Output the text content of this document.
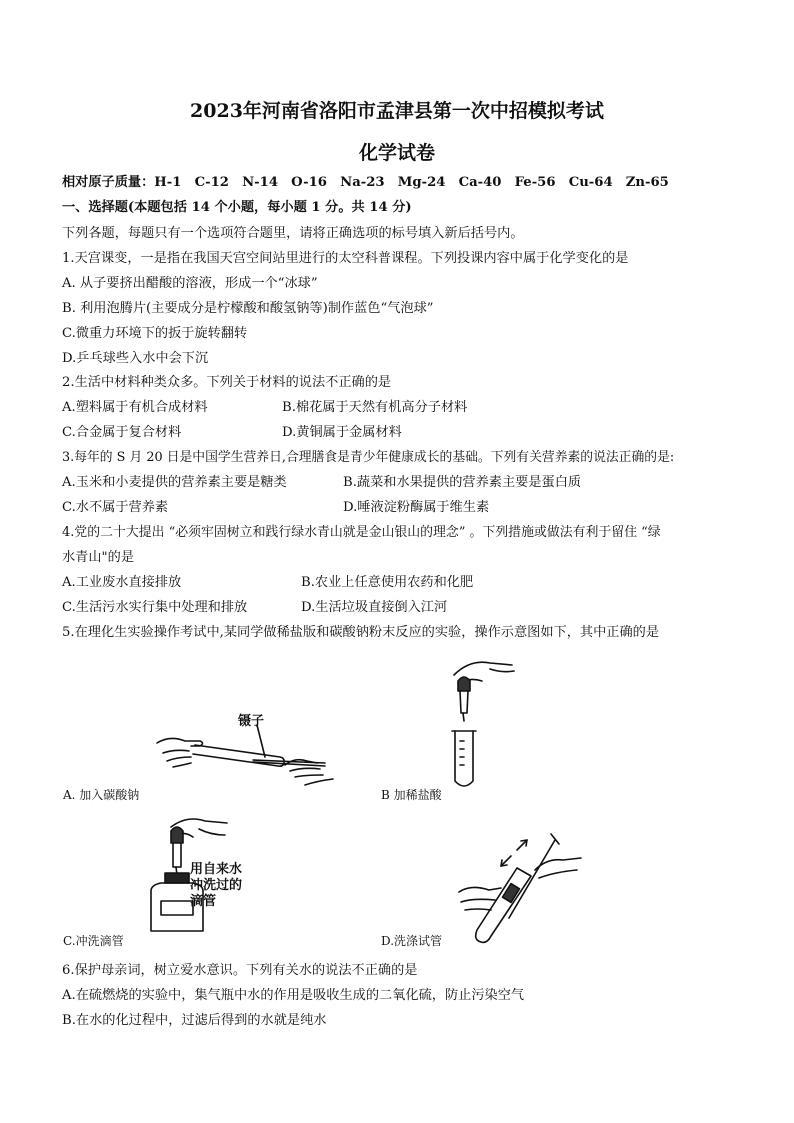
2023年河南省洛阳市孟津县第一次中招模拟考试
化学试卷
相对原子质量：H-1　C-12　N-14　O-16　Na-23　Mg-24　Ca-40　Fe-56　Cu-64　Zn-65
一、选择题(本题包括 14 个小题，每小题 1 分。共 14 分)
下列各题，每题只有一个选项符合题里，请将正确选项的标号填入新后括号内。
1.天宫课变，一是指在我国天宫空间站里进行的太空科普课程。下列投课内容中属于化学变化的是
A. 从子要挤出醋酸的溶液，形成一个“冰球”
B. 利用泡腾片(主要成分是柠檬酸和酸氢钠等)制作蓝色“气泡球”
C.微重力环境下的扳于旋转翻转
D.乒乓球些入水中会下沉
2.生活中材料种类众多。下列关于材料的说法不正确的是
A.塑料属于有机合成材料	B.棉花属于天然有机高分子材料
C.合金属于复合材料	D.黄铜属于金属材料
3.每年的 S 月 20 日是中国学生营养日,合理膳食是青少年健康成长的基础。下列有关营养素的说法正确的是:
A.玉米和小麦提供的营养素主要是糖类	B.蔬菜和水果提供的营养素主要是蛋白质
C.水不属于营养素	D.唾液淀粉酶属于维生素
4.党的二十大提出 “必须牢固树立和践行绿水青山就是金山银山的理念” 。下列措施或做法有利于留住 “绿
水青山"的是
A.工业废水直接排放	B.农业上任意使用农药和化肥
C.生活污水实行集中处理和排放	D.生活垃圾直接倒入江河
5.在理化生实验操作考试中,某同学做稀盐版和碳酸钠粉末反应的实验，操作示意图如下，其中正确的是
镊子
A. 加入碳酸钠	B 加稀盐酸
用自来水
冲洗过的
滴管
C.冲洗滴管	D.洗涤试管
6.保护母亲词，树立爱水意识。下列有关水的说法不正确的是
A.在硫燃烧的实验中，集气瓶中水的作用是吸收生成的二氧化硫，防止污染空气
B.在水的化过程中，过滤后得到的水就是纯水
